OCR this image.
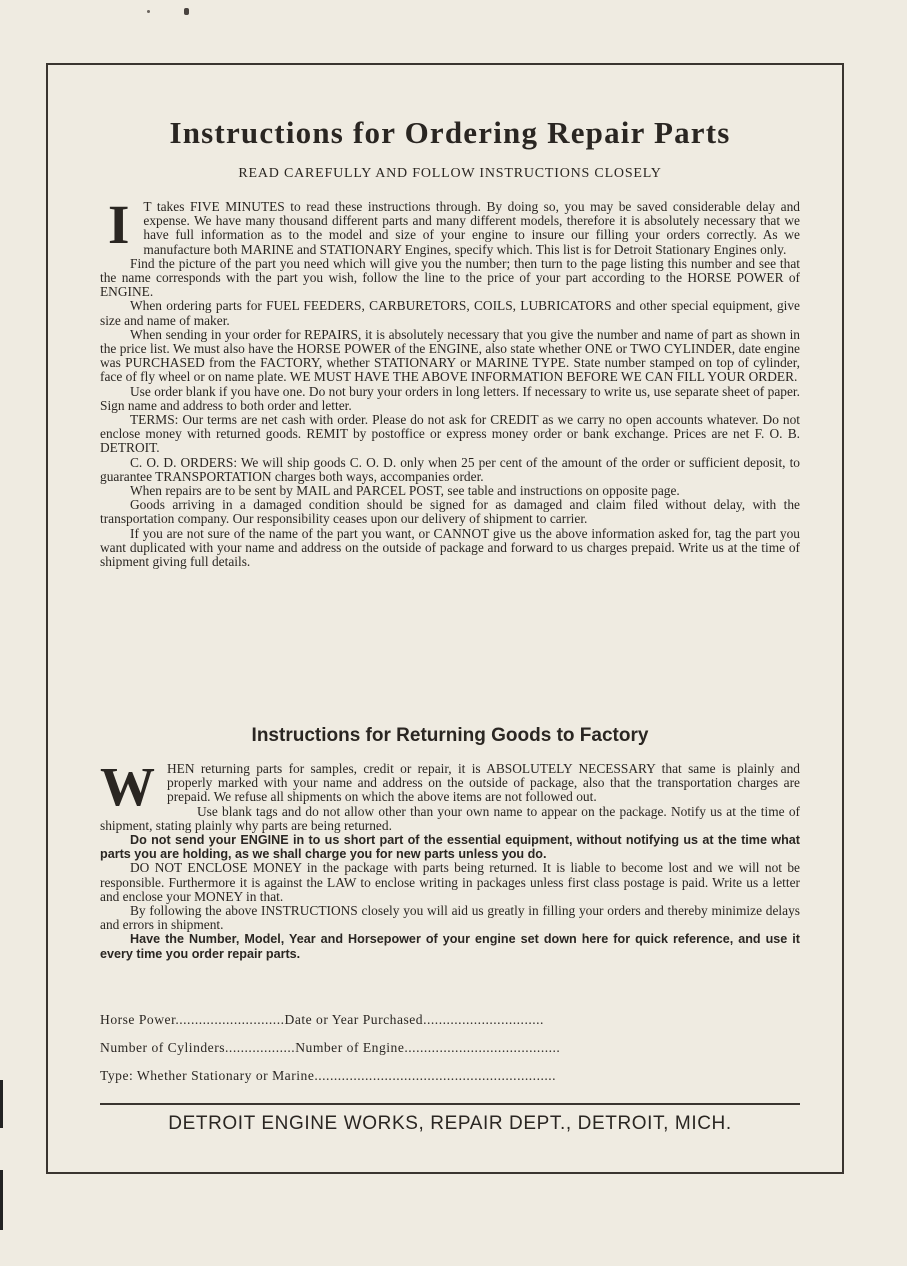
Instructions for Ordering Repair Parts
READ CAREFULLY AND FOLLOW INSTRUCTIONS CLOSELY

I T takes FIVE MINUTES to read these instructions through. By doing so, you may be saved considerable delay and expense. We have many thousand different parts and many different models, therefore it is absolutely necessary that we have full information as to the model and size of your engine to insure our filling your orders correctly. As we manufacture both MARINE and STATIONARY Engines, specify which. This list is for Detroit Stationary Engines only.

Find the picture of the part you need which will give you the number; then turn to the page listing this number and see that the name corresponds with the part you wish, follow the line to the price of your part according to the HORSE POWER of ENGINE.

When ordering parts for FUEL FEEDERS, CARBURETORS, COILS, LUBRICATORS and other special equipment, give size and name of maker.

When sending in your order for REPAIRS, it is absolutely necessary that you give the number and name of part as shown in the price list. We must also have the HORSE POWER of the ENGINE, also state whether ONE or TWO CYLINDER, date engine was PURCHASED from the FACTORY, whether STATIONARY or MARINE TYPE. State number stamped on top of cylinder, face of fly wheel or on name plate. WE MUST HAVE THE ABOVE INFORMATION BEFORE WE CAN FILL YOUR ORDER.

Use order blank if you have one. Do not bury your orders in long letters. If necessary to write us, use separate sheet of paper. Sign name and address to both order and letter.

TERMS: Our terms are net cash with order. Please do not ask for CREDIT as we carry no open accounts whatever. Do not enclose money with returned goods. REMIT by postoffice or express money order or bank exchange. Prices are net F. O. B. DETROIT.

C. O. D. ORDERS: We will ship goods C. O. D. only when 25 per cent of the amount of the order or sufficient deposit, to guarantee TRANSPORTATION charges both ways, accompanies order.

When repairs are to be sent by MAIL and PARCEL POST, see table and instructions on opposite page.

Goods arriving in a damaged condition should be signed for as damaged and claim filed without delay, with the transportation company. Our responsibility ceases upon our delivery of shipment to carrier.

If you are not sure of the name of the part you want, or CANNOT give us the above information asked for, tag the part you want duplicated with your name and address on the outside of package and forward to us charges prepaid. Write us at the time of shipment giving full details.

Instructions for Returning Goods to Factory

WHEN returning parts for samples, credit or repair, it is ABSOLUTELY NECESSARY that same is plainly and properly marked with your name and address on the outside of package, also that the transportation charges are prepaid. We refuse all shipments on which the above items are not followed out.

Use blank tags and do not allow other than your own name to appear on the package. Notify us at the time of shipment, stating plainly why parts are being returned.

Do not send your ENGINE in to us short part of the essential equipment, without notifying us at the time what parts you are holding, as we shall charge you for new parts unless you do.

DO NOT ENCLOSE MONEY in the package with parts being returned. It is liable to become lost and we will not be responsible. Furthermore it is against the LAW to enclose writing in packages unless first class postage is paid. Write us a letter and enclose your MONEY in that.

By following the above INSTRUCTIONS closely you will aid us greatly in filling your orders and thereby minimize delays and errors in shipment.

Have the Number, Model, Year and Horsepower of your engine set down here for quick reference, and use it every time you order repair parts.

Horse Power............................Date or Year Purchased...............................
Number of Cylinders..................Number of Engine........................................
Type: Whether Stationary or Marine..............................................................
DETROIT ENGINE WORKS, REPAIR DEPT., DETROIT, MICH.
